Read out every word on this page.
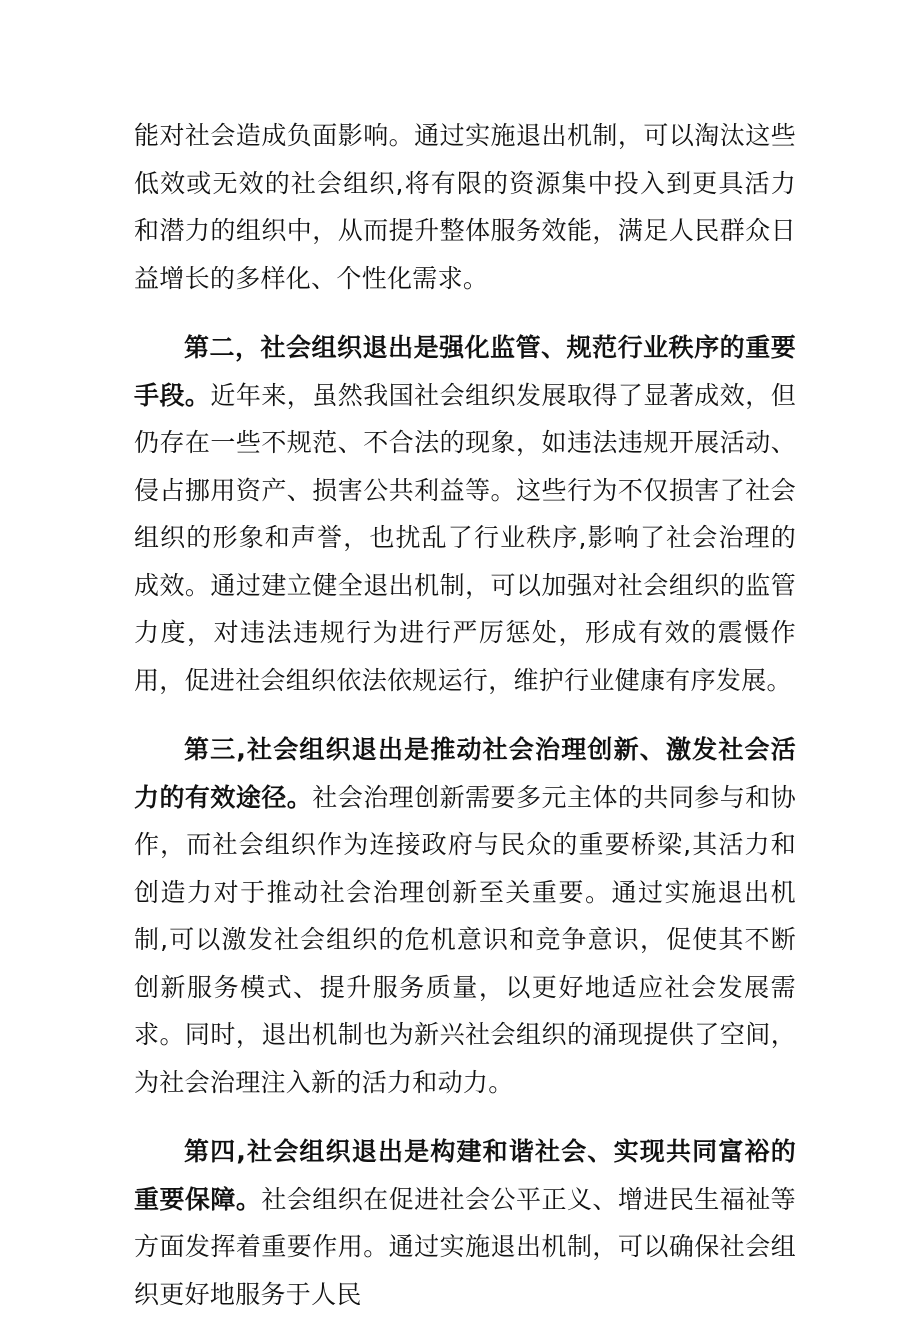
能对社会造成负面影响。通过实施退出机制，可以淘汰这些低效或无效的社会组织,将有限的资源集中投入到更具活力和潜力的组织中，从而提升整体服务效能，满足人民群众日益增长的多样化、个性化需求。

第二，社会组织退出是强化监管、规范行业秩序的重要手段。近年来，虽然我国社会组织发展取得了显著成效，但仍存在一些不规范、不合法的现象，如违法违规开展活动、侵占挪用资产、损害公共利益等。这些行为不仅损害了社会组织的形象和声誉，也扰乱了行业秩序,影响了社会治理的成效。通过建立健全退出机制，可以加强对社会组织的监管力度，对违法违规行为进行严厉惩处，形成有效的震慑作用，促进社会组织依法依规运行，维护行业健康有序发展。

第三,社会组织退出是推动社会治理创新、激发社会活力的有效途径。社会治理创新需要多元主体的共同参与和协作，而社会组织作为连接政府与民众的重要桥梁,其活力和创造力对于推动社会治理创新至关重要。通过实施退出机制,可以激发社会组织的危机意识和竞争意识，促使其不断创新服务模式、提升服务质量，以更好地适应社会发展需求。同时，退出机制也为新兴社会组织的涌现提供了空间，为社会治理注入新的活力和动力。

第四,社会组织退出是构建和谐社会、实现共同富裕的重要保障。社会组织在促进社会公平正义、增进民生福祉等方面发挥着重要作用。通过实施退出机制，可以确保社会组织更好地服务于人民
